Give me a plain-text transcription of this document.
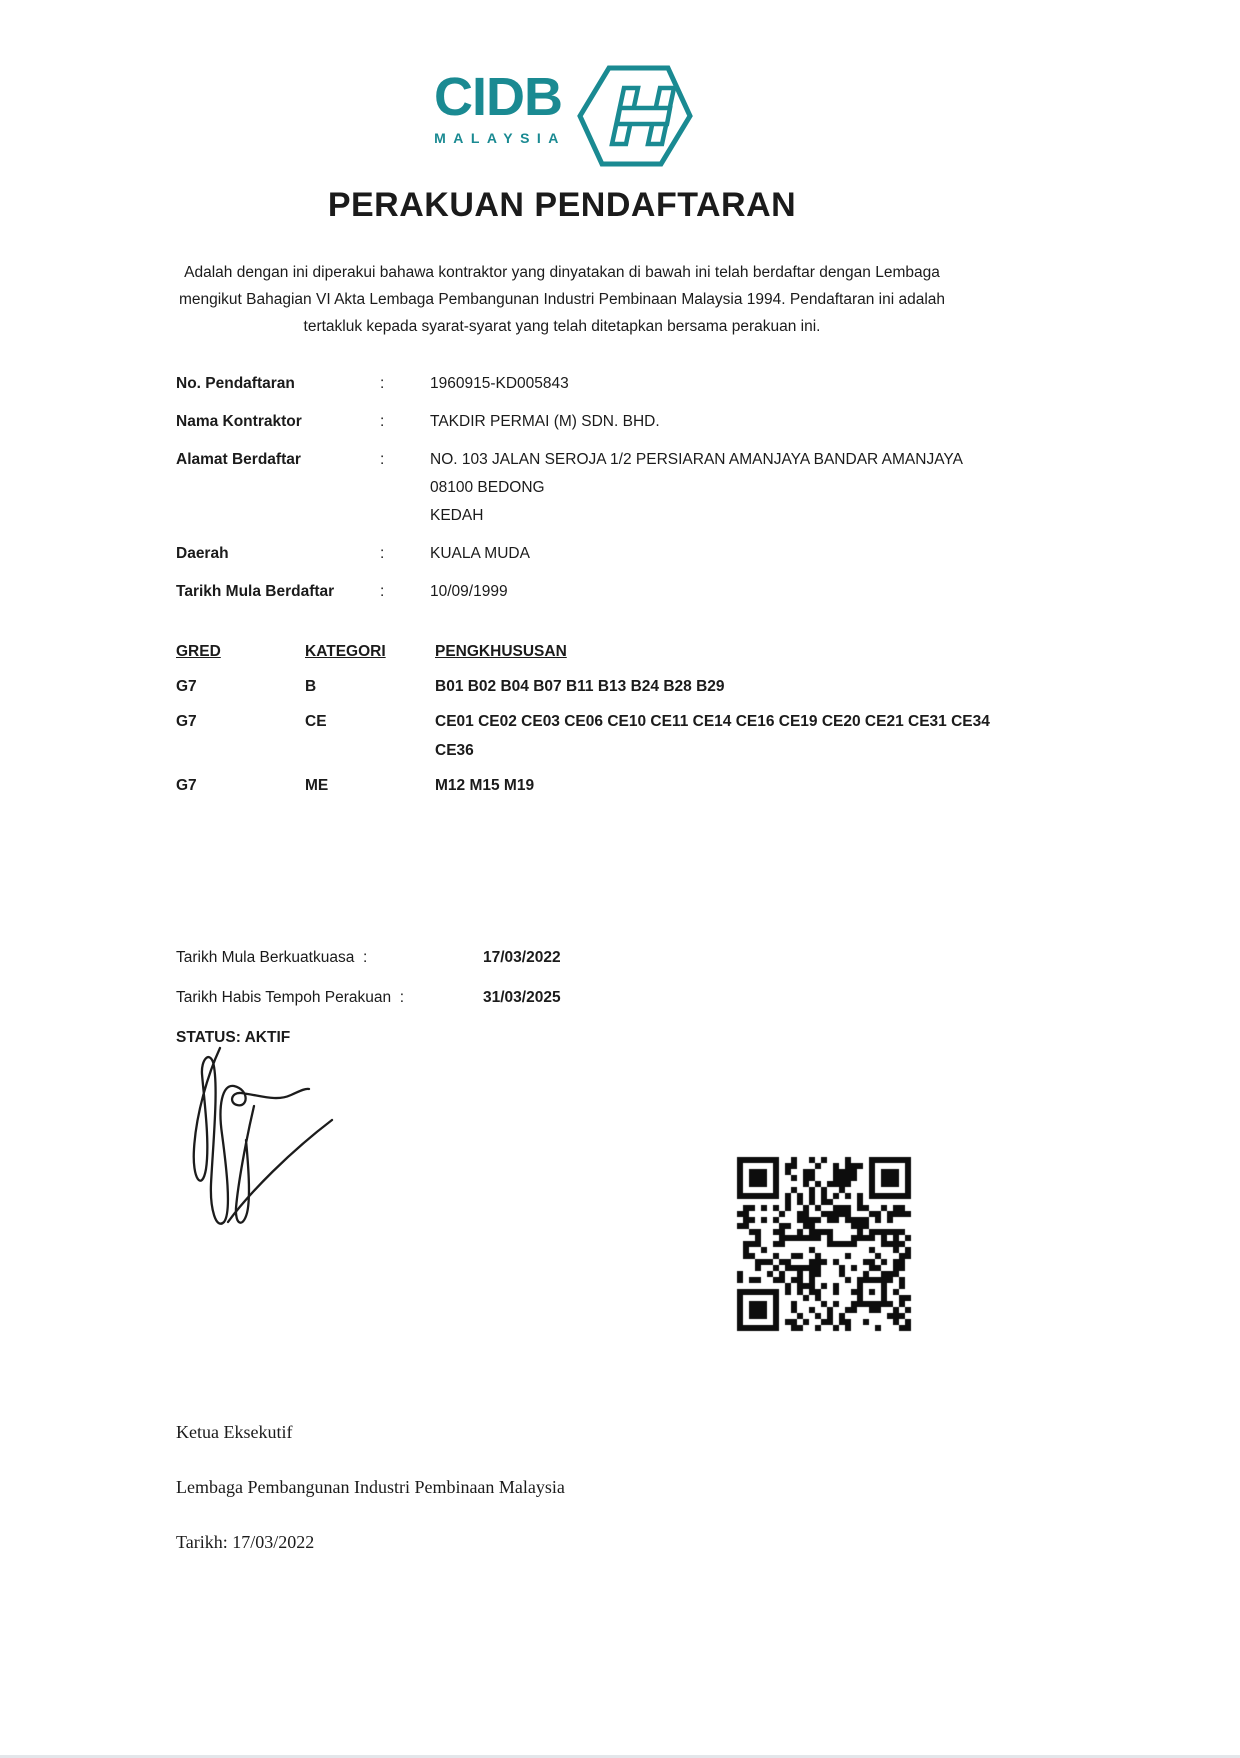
CIDB
MALAYSIA
PERAKUAN PENDAFTARAN
Adalah dengan ini diperakui bahawa kontraktor yang dinyatakan di bawah ini telah berdaftar dengan Lembaga mengikut Bahagian VI Akta Lembaga Pembangunan Industri Pembinaan Malaysia 1994. Pendaftaran ini adalah tertakluk kepada syarat-syarat yang telah ditetapkan bersama perakuan ini.
No. Pendaftaran	:	1960915-KD005843
Nama Kontraktor	:	TAKDIR PERMAI (M) SDN. BHD.
Alamat Berdaftar	:	NO. 103 JALAN SEROJA 1/2 PERSIARAN AMANJAYA BANDAR AMANJAYA
08100 BEDONG
KEDAH
Daerah	:	KUALA MUDA
Tarikh Mula Berdaftar	:	10/09/1999
GRED	KATEGORI	PENGKHUSUSAN
G7	B	B01 B02 B04 B07 B11 B13 B24 B28 B29
G7	CE	CE01 CE02 CE03 CE06 CE10 CE11 CE14 CE16 CE19 CE20 CE21 CE31 CE34 CE36
G7	ME	M12 M15 M19
Tarikh Mula Berkuatkuasa :	17/03/2022
Tarikh Habis Tempoh Perakuan :	31/03/2025
STATUS: AKTIF
Ketua Eksekutif
Lembaga Pembangunan Industri Pembinaan Malaysia
Tarikh: 17/03/2022
